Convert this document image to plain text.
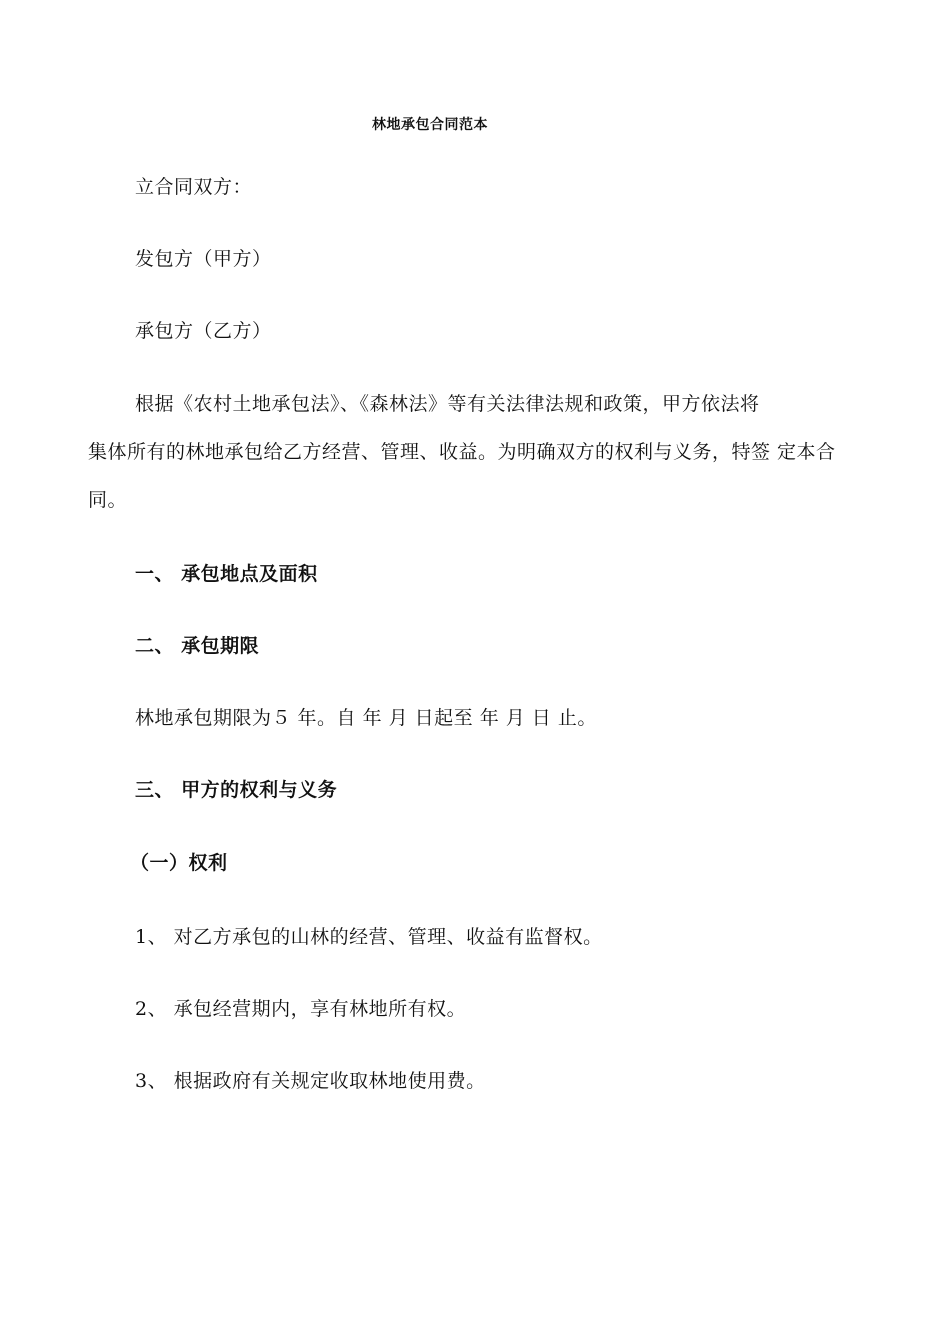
林地承包合同范本
立合同双方：
发包方（甲方）
承包方（乙方）
根据《农村土地承包法》、《森林法》等有关法律法规和政策，甲方依法将
集体所有的林地承包给乙方经营、管理、收益。为明确双方的权利与义务，特签 定本合
同。
一、 承包地点及面积
二、 承包期限
林地承包期限为５ 年。自 年 月 日起至 年 月 日 止。
三、 甲方的权利与义务
（一）权利
1、 对乙方承包的山林的经营、管理、收益有监督权。
2、 承包经营期内，享有林地所有权。
3、 根据政府有关规定收取林地使用费。
